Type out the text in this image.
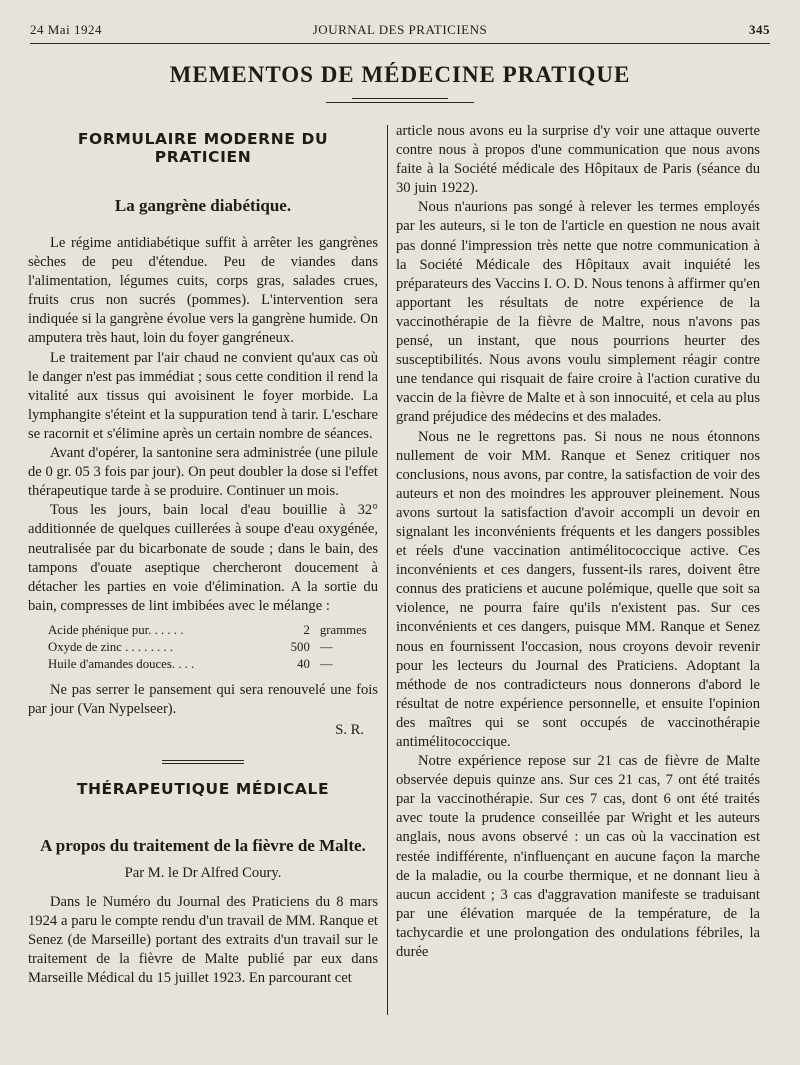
24 Mai 1924	JOURNAL DES PRATICIENS	345
MEMENTOS DE MÉDECINE PRATIQUE
FORMULAIRE MODERNE DU PRATICIEN
La gangrène diabétique.

Le régime antidiabétique suffit à arrêter les gangrènes sèches de peu d'étendue. Peu de viandes dans l'alimentation, légumes cuits, corps gras, salades crues, fruits crus non sucrés (pommes). L'intervention sera indiquée si la gangrène évolue vers la gangrène humide. On amputera très haut, loin du foyer gangréneux.

Le traitement par l'air chaud ne convient qu'aux cas où le danger n'est pas immédiat ; sous cette condition il rend la vitalité aux tissus qui avoisinent le foyer morbide. La lymphangite s'éteint et la suppuration tend à tarir. L'eschare se racornit et s'élimine après un certain nombre de séances.

Avant d'opérer, la santonine sera administrée (une pilule de 0 gr. 05 3 fois par jour). On peut doubler la dose si l'effet thérapeutique tarde à se produire. Continuer un mois.

Tous les jours, bain local d'eau bouillie à 32° additionnée de quelques cuillerées à soupe d'eau oxygénée, neutralisée par du bicarbonate de soude ; dans le bain, des tampons d'ouate aseptique chercheront doucement à détacher les parties en voie d'élimination. A la sortie du bain, compresses de lint imbibées avec le mélange :

Acide phénique pur. . . . . .	2	grammes
Oxyde de zinc . . . . . . . .	500	—
Huile d'amandes douces. . . .	40	—

Ne pas serrer le pansement qui sera renouvelé une fois par jour (Van Nypelseer).

S. R.
THÉRAPEUTIQUE MÉDICALE
A propos du traitement de la fièvre de Malte.
Par M. le Dr Alfred Coury.

Dans le Numéro du Journal des Praticiens du 8 mars 1924 a paru le compte rendu d'un travail de MM. Ranque et Senez (de Marseille) portant des extraits d'un travail sur le traitement de la fièvre de Malte publié par eux dans Marseille Médical du 15 juillet 1923. En parcourant cet

article nous avons eu la surprise d'y voir une attaque ouverte contre nous à propos d'une communication que nous avons faite à la Société médicale des Hôpitaux de Paris (séance du 30 juin 1922).

Nous n'aurions pas songé à relever les termes employés par les auteurs, si le ton de l'article en question ne nous avait pas donné l'impression très nette que notre communication à la Société Médicale des Hôpitaux avait inquiété les préparateurs des Vaccins I. O. D. Nous tenons à affirmer qu'en apportant les résultats de notre expérience de la vaccinothérapie de la fièvre de Maltre, nous n'avons pas pensé, un instant, que nous pourrions heurter des susceptibilités. Nous avons voulu simplement réagir contre une tendance qui risquait de faire croire à l'action curative du vaccin de la fièvre de Malte et à son innocuité, et cela au plus grand préjudice des médecins et des malades.

Nous ne le regrettons pas. Si nous ne nous étonnons nullement de voir MM. Ranque et Senez critiquer nos conclusions, nous avons, par contre, la satisfaction de voir des auteurs et non des moindres les approuver pleinement. Nous avons surtout la satisfaction d'avoir accompli un devoir en signalant les inconvénients fréquents et les dangers possibles et réels d'une vaccination antimélitococcique active. Ces inconvénients et ces dangers, fussent-ils rares, doivent être connus des praticiens et aucune polémique, quelle que soit sa violence, ne pourra faire qu'ils n'existent pas. Sur ces inconvénients et ces dangers, puisque MM. Ranque et Senez nous en fournissent l'occasion, nous croyons devoir revenir pour les lecteurs du Journal des Praticiens. Adoptant la méthode de nos contradicteurs nous donnerons d'abord le résultat de notre expérience personnelle, et ensuite l'opinion des maîtres qui se sont occupés de vaccinothérapie antimélitococcique.

Notre expérience repose sur 21 cas de fièvre de Malte observée depuis quinze ans. Sur ces 21 cas, 7 ont été traités par la vaccinothérapie. Sur ces 7 cas, dont 6 ont été traités avec toute la prudence conseillée par Wright et les auteurs anglais, nous avons observé : un cas où la vaccination est restée indifférente, n'influençant en aucune façon la marche de la maladie, ou la courbe thermique, et ne donnant lieu à aucun accident ; 3 cas d'aggravation manifeste se traduisant par une élévation marquée de la température, de la tachycardie et une prolongation des ondulations fébriles, la durée
